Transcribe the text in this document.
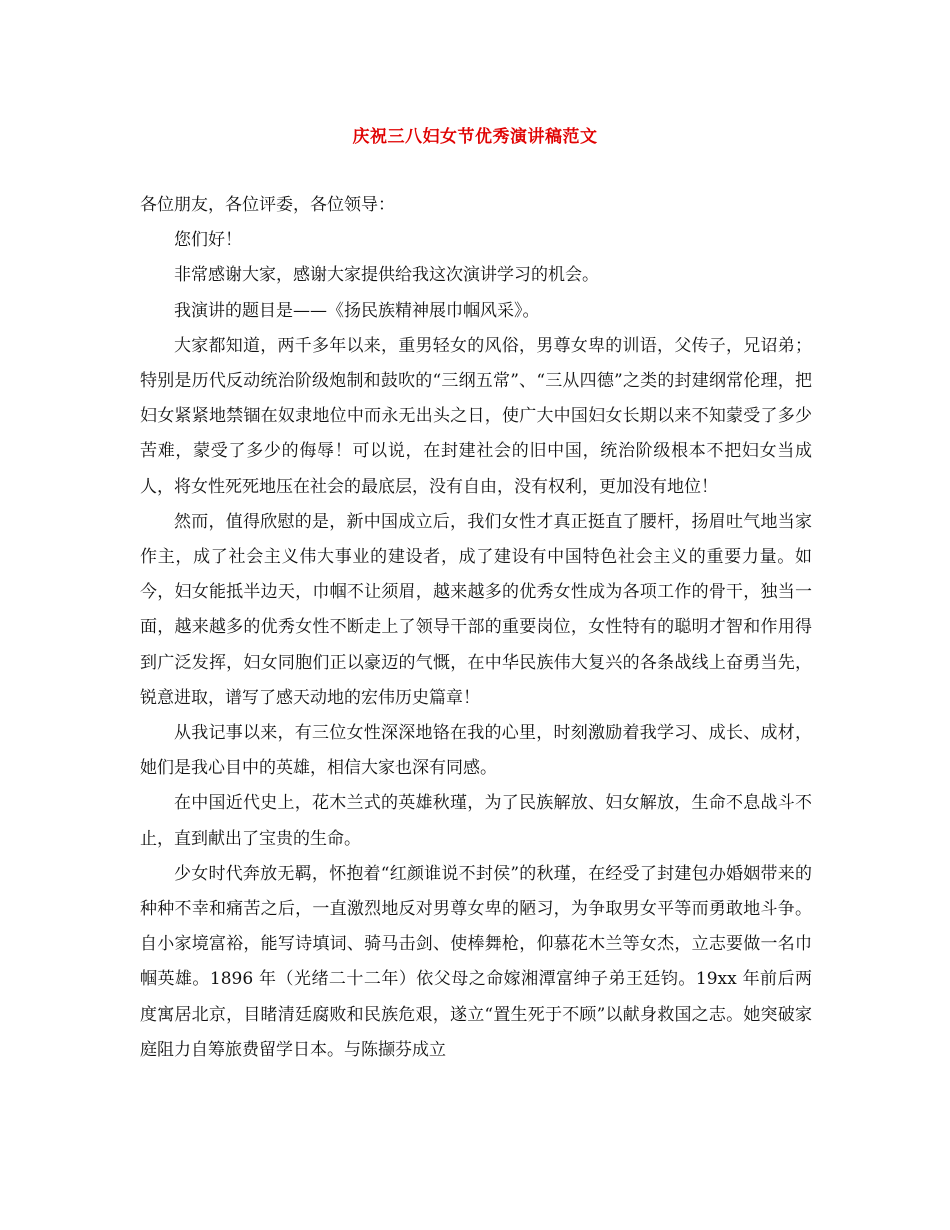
庆祝三八妇女节优秀演讲稿范文

各位朋友，各位评委，各位领导：

您们好！

非常感谢大家，感谢大家提供给我这次演讲学习的机会。

我演讲的题目是——《扬民族精神展巾帼风采》。

大家都知道，两千多年以来，重男轻女的风俗，男尊女卑的训语，父传子，兄诏弟；特别是历代反动统治阶级炮制和鼓吹的“三纲五常”、“三从四德”之类的封建纲常伦理，把妇女紧紧地禁锢在奴隶地位中而永无出头之日，使广大中国妇女长期以来不知蒙受了多少苦难，蒙受了多少的侮辱！可以说，在封建社会的旧中国，统治阶级根本不把妇女当成人，将女性死死地压在社会的最底层，没有自由，没有权利，更加没有地位！

然而，值得欣慰的是，新中国成立后，我们女性才真正挺直了腰杆，扬眉吐气地当家作主，成了社会主义伟大事业的建设者，成了建设有中国特色社会主义的重要力量。如今，妇女能抵半边天，巾帼不让须眉，越来越多的优秀女性成为各项工作的骨干，独当一面，越来越多的优秀女性不断走上了领导干部的重要岗位，女性特有的聪明才智和作用得到广泛发挥，妇女同胞们正以豪迈的气慨，在中华民族伟大复兴的各条战线上奋勇当先，锐意进取，谱写了感天动地的宏伟历史篇章！

从我记事以来，有三位女性深深地铬在我的心里，时刻激励着我学习、成长、成材，她们是我心目中的英雄，相信大家也深有同感。

在中国近代史上，花木兰式的英雄秋瑾，为了民族解放、妇女解放，生命不息战斗不止，直到献出了宝贵的生命。

少女时代奔放无羁，怀抱着“红颜谁说不封侯”的秋瑾，在经受了封建包办婚姻带来的种种不幸和痛苦之后，一直激烈地反对男尊女卑的陋习，为争取男女平等而勇敢地斗争。自小家境富裕，能写诗填词、骑马击剑、使棒舞枪，仰慕花木兰等女杰，立志要做一名巾帼英雄。1896 年（光绪二十二年）依父母之命嫁湘潭富绅子弟王廷钧。19xx 年前后两度寓居北京，目睹清廷腐败和民族危艰，遂立“置生死于不顾”以献身救国之志。她突破家庭阻力自筹旅费留学日本。与陈撷芬成立
